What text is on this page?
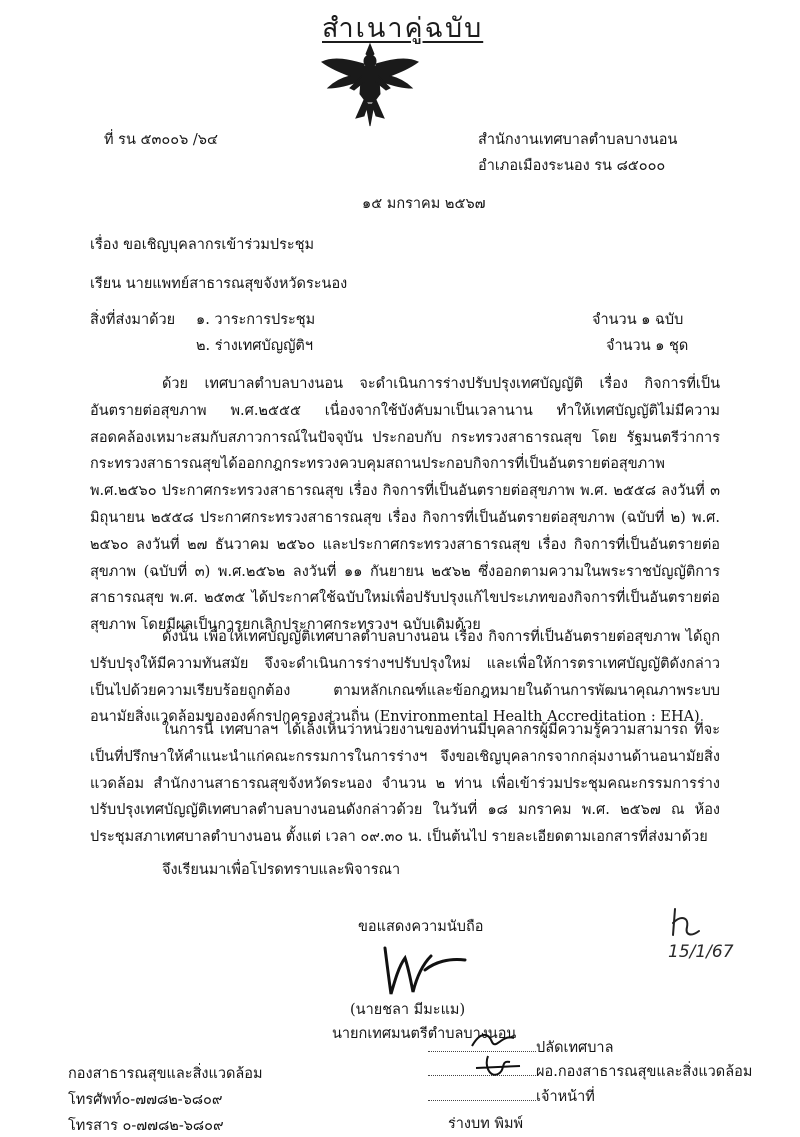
สำเนาคู่ฉบับ
ที่ รน ๕๓๐๐๖ /๖๔	สำนักงานเทศบาลตำบลบางนอน
อำเภอเมืองระนอง รน ๘๕๐๐๐
๑๕ มกราคม ๒๕๖๗
เรื่อง ขอเชิญบุคลากรเข้าร่วมประชุม
เรียน นายแพทย์สาธารณสุขจังหวัดระนอง
สิ่งที่ส่งมาด้วย ๑. วาระการประชุม	จำนวน ๑ ฉบับ
๒. ร่างเทศบัญญัติฯ	จำนวน ๑ ชุด
ด้วย เทศบาลตำบลบางนอน จะดำเนินการร่างปรับปรุงเทศบัญญัติ เรื่อง กิจการที่เป็นอันตรายต่อสุขภาพ พ.ศ.๒๕๕๕ เนื่องจากใช้บังคับมาเป็นเวลานาน ทำให้เทศบัญญัติไม่มีความสอดคล้องเหมาะสมกับสภาวการณ์ในปัจจุบัน ประกอบกับ กระทรวงสาธารณสุข โดย รัฐมนตรีว่าการกระทรวงสาธารณสุขได้ออกกฎกระทรวงควบคุมสถานประกอบกิจการที่เป็นอันตรายต่อสุขภาพ พ.ศ.๒๕๖๐ ประกาศกระทรวงสาธารณสุข เรื่อง กิจการที่เป็นอันตรายต่อสุขภาพ พ.ศ. ๒๕๕๘ ลงวันที่ ๓ มิถุนายน ๒๕๕๘ ประกาศกระทรวงสาธารณสุข เรื่อง กิจการที่เป็นอันตรายต่อสุขภาพ (ฉบับที่ ๒) พ.ศ. ๒๕๖๐ ลงวันที่ ๒๗ ธันวาคม ๒๕๖๐ และประกาศกระทรวงสาธารณสุข เรื่อง กิจการที่เป็นอันตรายต่อสุขภาพ (ฉบับที่ ๓) พ.ศ.๒๕๖๒ ลงวันที่ ๑๑ กันยายน ๒๕๖๒ ซึ่งออกตามความในพระราชบัญญัติการสาธารณสุข พ.ศ. ๒๕๓๕ ได้ประกาศใช้ฉบับใหม่เพื่อปรับปรุงแก้ไขประเภทของกิจการที่เป็นอันตรายต่อสุขภาพ โดยมีผลเป็นการยกเลิกประกาศกระทรวงฯ ฉบับเดิมด้วย
ดังนั้น เพื่อให้เทศบัญญัติเทศบาลตำบลบางนอน เรื่อง กิจการที่เป็นอันตรายต่อสุขภาพ ได้ถูกปรับปรุงให้มีความทันสมัย จึงจะดำเนินการร่างฯปรับปรุงใหม่ และเพื่อให้การตราเทศบัญญัติดังกล่าวเป็นไปด้วยความเรียบร้อยถูกต้อง ตามหลักเกณฑ์และข้อกฎหมายในด้านการพัฒนาคุณภาพระบบอนามัยสิ่งแวดล้อมขององค์กรปกครองส่วนถิ่น (Environmental Health Accreditation : EHA)
ในการนี้ เทศบาลฯ ได้เล็งเห็นว่าหน่วยงานของท่านมีบุคลากรผู้มีความรู้ความสามารถ ที่จะเป็นที่ปรึกษาให้คำแนะนำแก่คณะกรรมการในการร่างฯ จึงขอเชิญบุคลากรจากกลุ่มงานด้านอนามัยสิ่งแวดล้อม สำนักงานสาธารณสุขจังหวัดระนอง จำนวน ๒ ท่าน เพื่อเข้าร่วมประชุมคณะกรรมการร่างปรับปรุงเทศบัญญัติเทศบาลตำบลบางนอนดังกล่าวด้วย ในวันที่ ๑๘ มกราคม พ.ศ. ๒๕๖๗ ณ ห้องประชุมสภาเทศบาลตำบางนอน ตั้งแต่ เวลา ๐๙.๓๐ น. เป็นต้นไป รายละเอียดตามเอกสารที่ส่งมาด้วย
จึงเรียนมาเพื่อโปรดทราบและพิจารณา
ขอแสดงความนับถือ
15/1/67
(นายชลา มีมะแม)
นายกเทศมนตรีตำบลบางนอน
ปลัดเทศบาล
ผอ.กองสาธารณสุขและสิ่งแวดล้อม
เจ้าหน้าที่
กองสาธารณสุขและสิ่งแวดล้อม
โทรศัพท์๐-๗๗๘๒-๖๘๐๙
โทรสาร ๐-๗๗๘๒-๖๘๐๙	ร่างบท พิมพ์
